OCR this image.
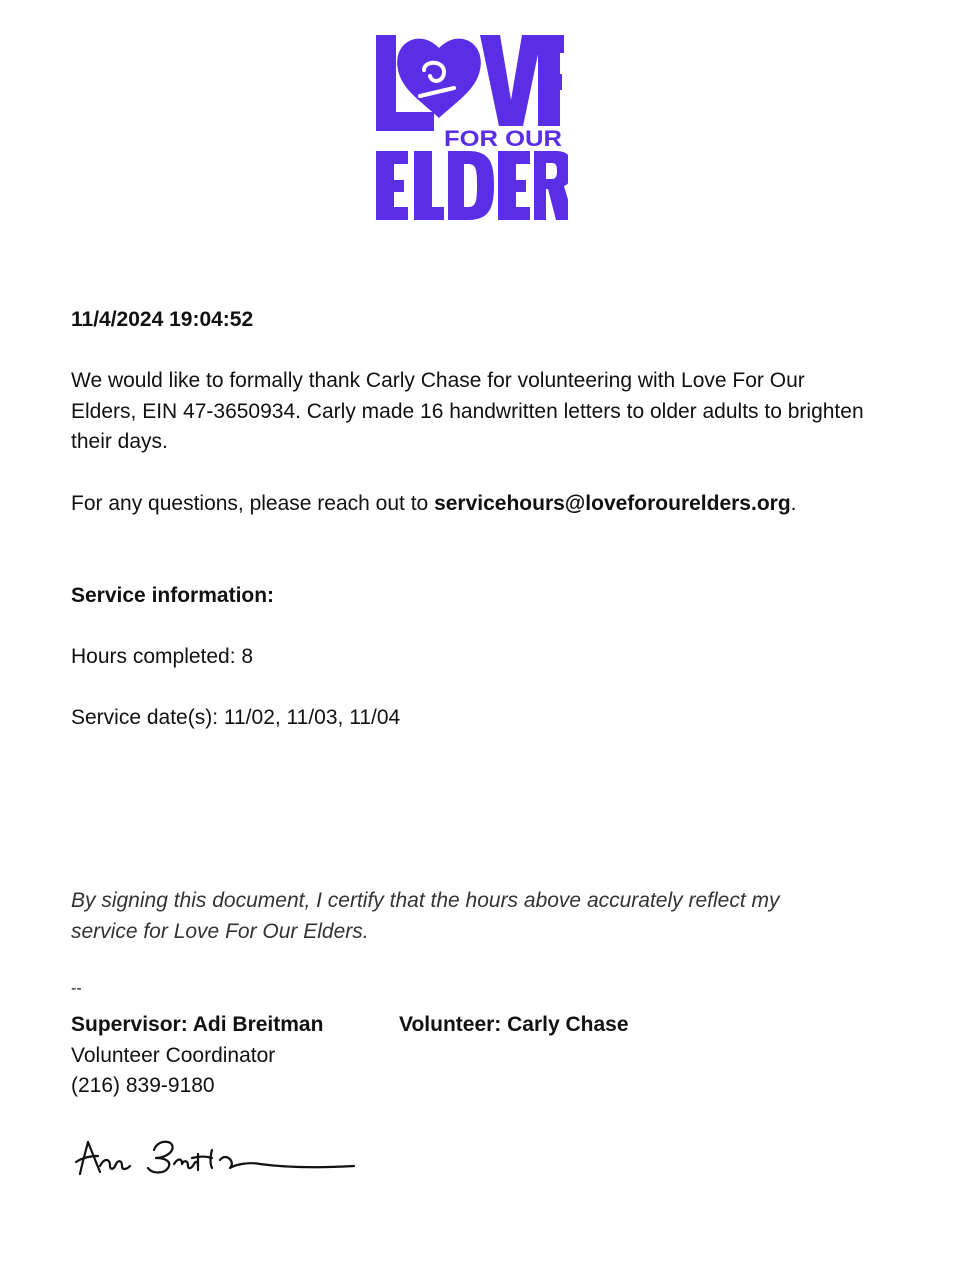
FOR OUR
11/4/2024 19:04:52
We would like to formally thank Carly Chase for volunteering with Love For Our Elders, EIN 47-3650934. Carly made 16 handwritten letters to older adults to brighten their days.
For any questions, please reach out to servicehours@loveforourelders.org.
Service information:
Hours completed: 8
Service date(s): 11/02, 11/03, 11/04
By signing this document, I certify that the hours above accurately reflect my service for Love For Our Elders.
--
Supervisor: Adi Breitman
Volunteer Coordinator
(216) 839-9180
Volunteer: Carly Chase
